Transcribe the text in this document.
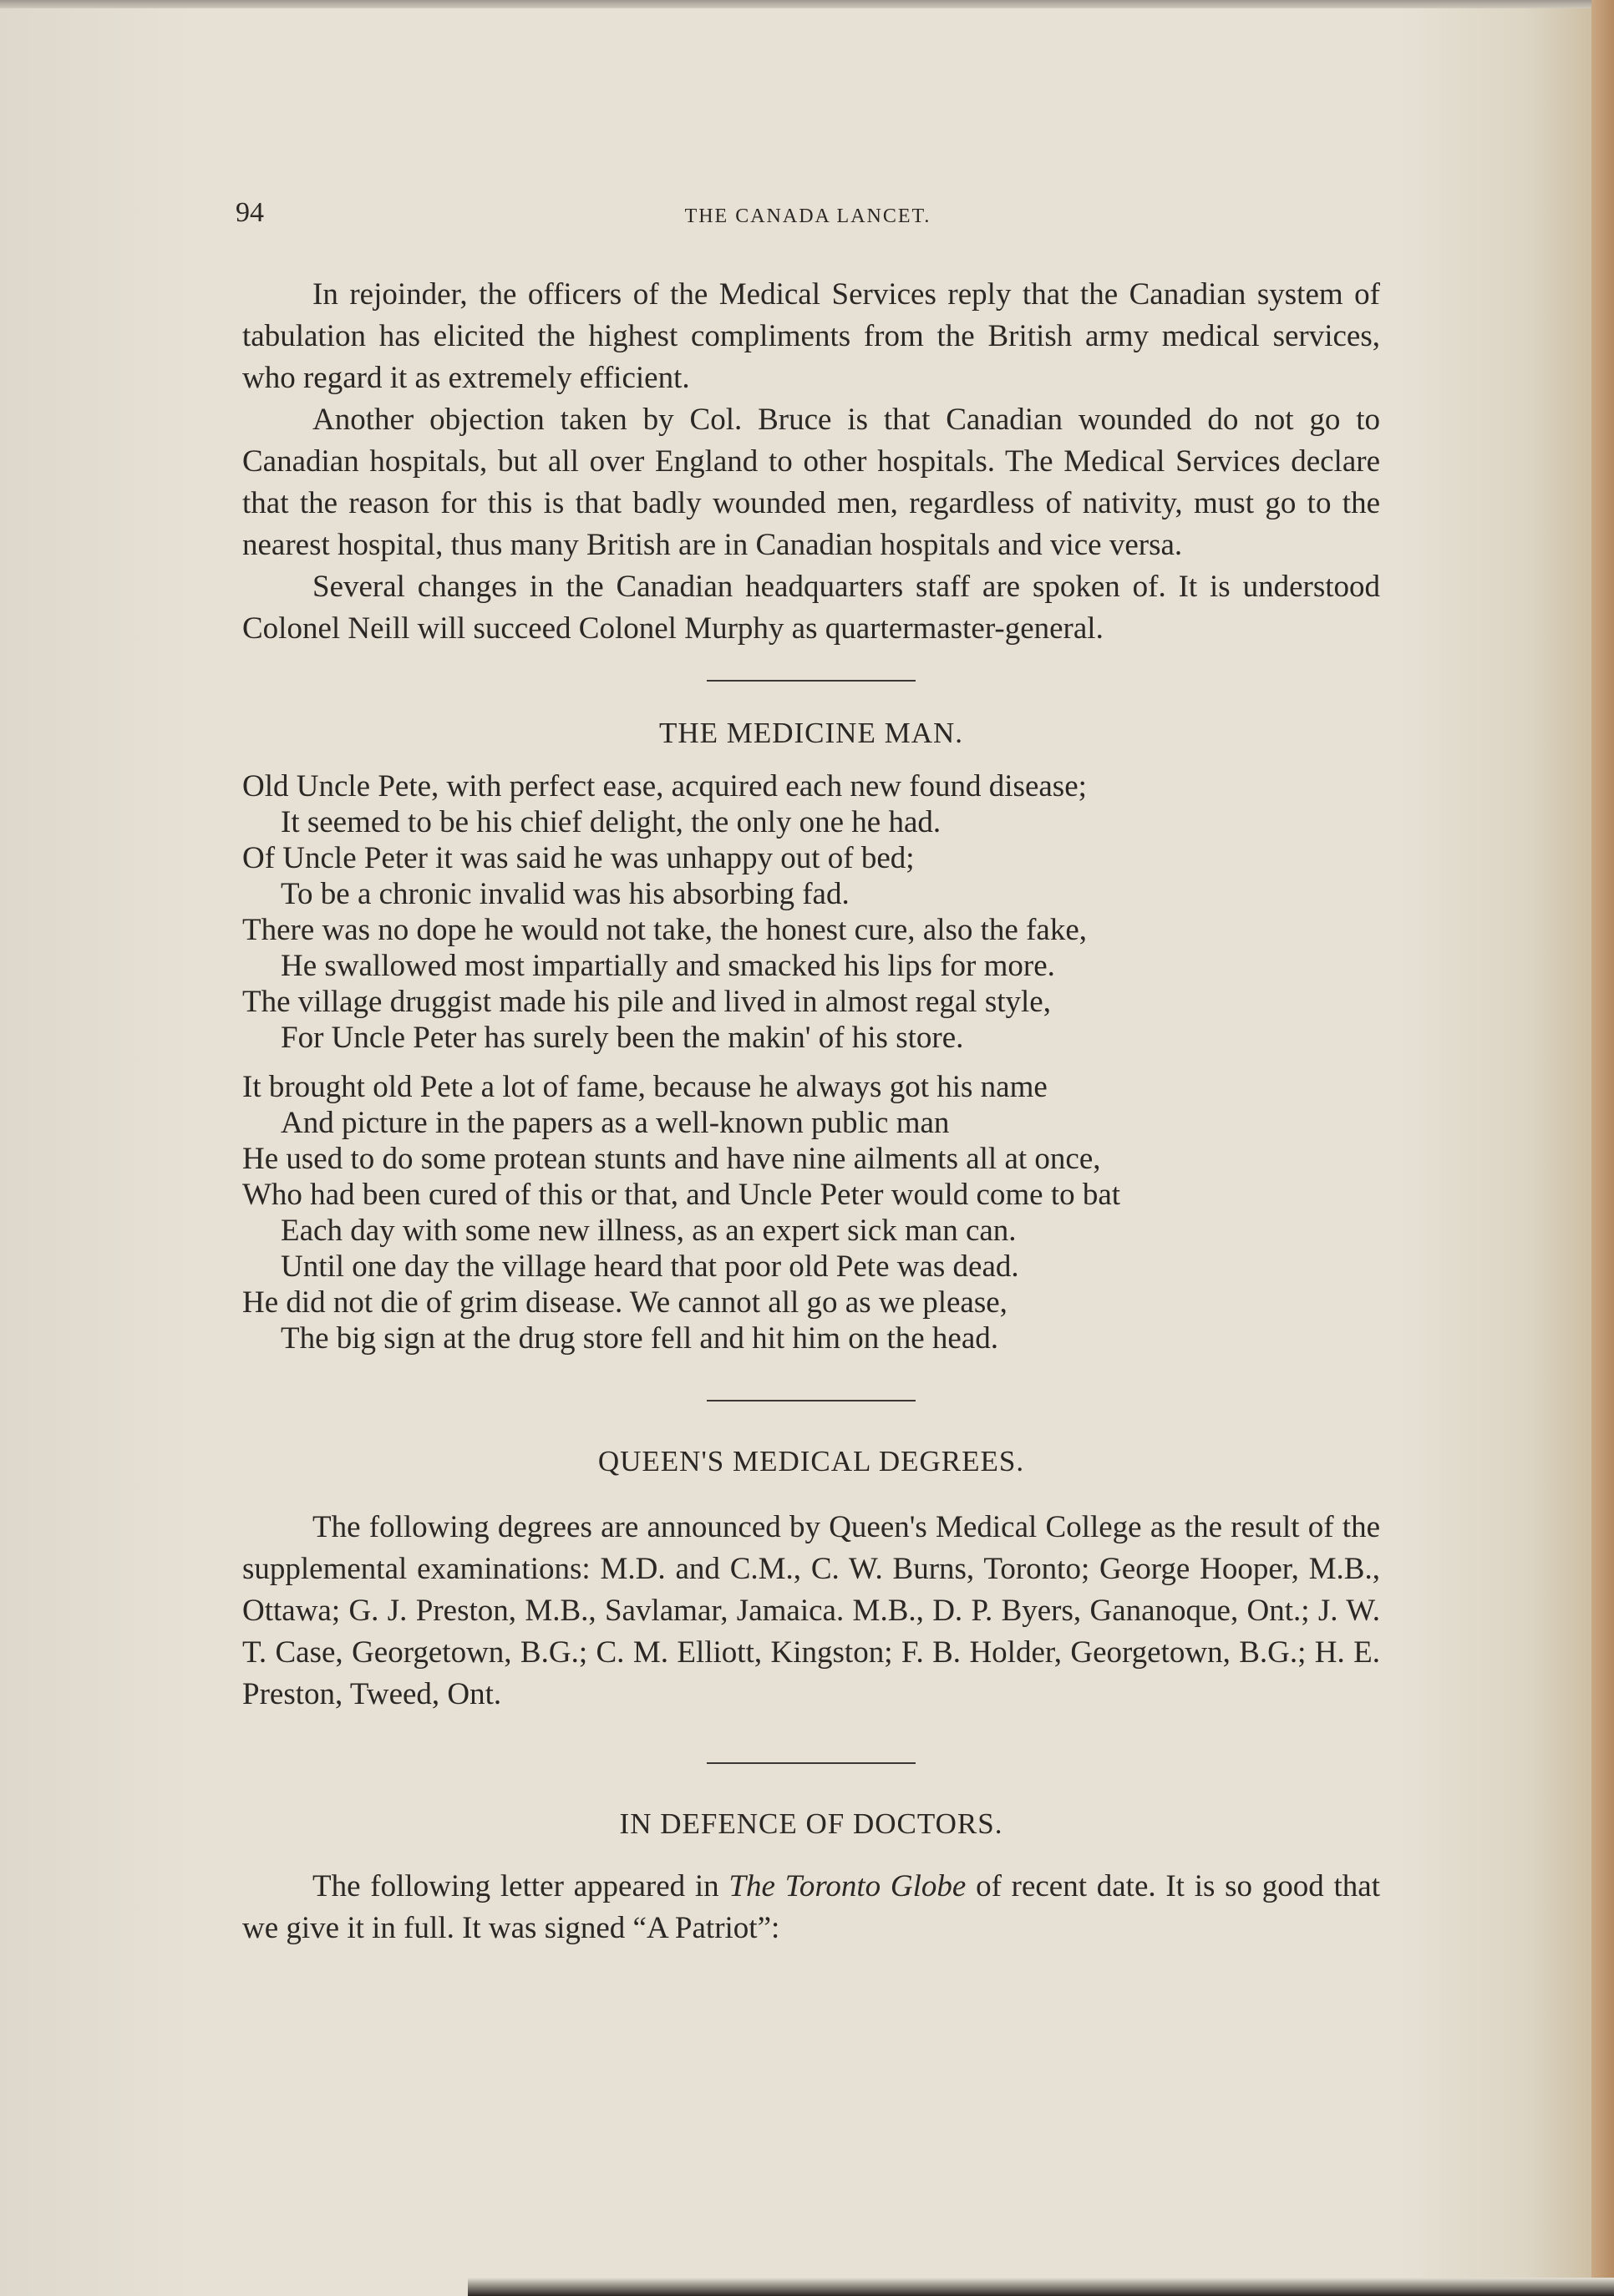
94	THE CANADA LANCET.

In rejoinder, the officers of the Medical Services reply that the Canadian system of tabulation has elicited the highest compliments from the British army medical services, who regard it as extremely efficient.

Another objection taken by Col. Bruce is that Canadian wounded do not go to Canadian hospitals, but all over England to other hospitals. The Medical Services declare that the reason for this is that badly wounded men, regardless of nativity, must go to the nearest hospital, thus many British are in Canadian hospitals and vice versa.

Several changes in the Canadian headquarters staff are spoken of. It is understood Colonel Neill will succeed Colonel Murphy as quartermaster-general.

THE MEDICINE MAN.
Old Uncle Pete, with perfect ease, acquired each new found disease;
It seemed to be his chief delight, the only one he had.
Of Uncle Peter it was said he was unhappy out of bed;
To be a chronic invalid was his absorbing fad.
There was no dope he would not take, the honest cure, also the fake,
He swallowed most impartially and smacked his lips for more.
The village druggist made his pile and lived in almost regal style,
For Uncle Peter has surely been the makin' of his store.
It brought old Pete a lot of fame, because he always got his name
And picture in the papers as a well-known public man
He used to do some protean stunts and have nine ailments all at once,
Who had been cured of this or that, and Uncle Peter would come to bat
Each day with some new illness, as an expert sick man can.
Until one day the village heard that poor old Pete was dead.
He did not die of grim disease. We cannot all go as we please,
The big sign at the drug store fell and hit him on the head.
QUEEN'S MEDICAL DEGREES.

The following degrees are announced by Queen's Medical College as the result of the supplemental examinations: M.D. and C.M., C. W. Burns, Toronto; George Hooper, M.B., Ottawa; G. J. Preston, M.B., Savlamar, Jamaica. M.B., D. P. Byers, Gananoque, Ont.; J. W. T. Case, Georgetown, B.G.; C. M. Elliott, Kingston; F. B. Holder, Georgetown, B.G.; H. E. Preston, Tweed, Ont.

IN DEFENCE OF DOCTORS.

The following letter appeared in The Toronto Globe of recent date. It is so good that we give it in full. It was signed “A Patriot”:
